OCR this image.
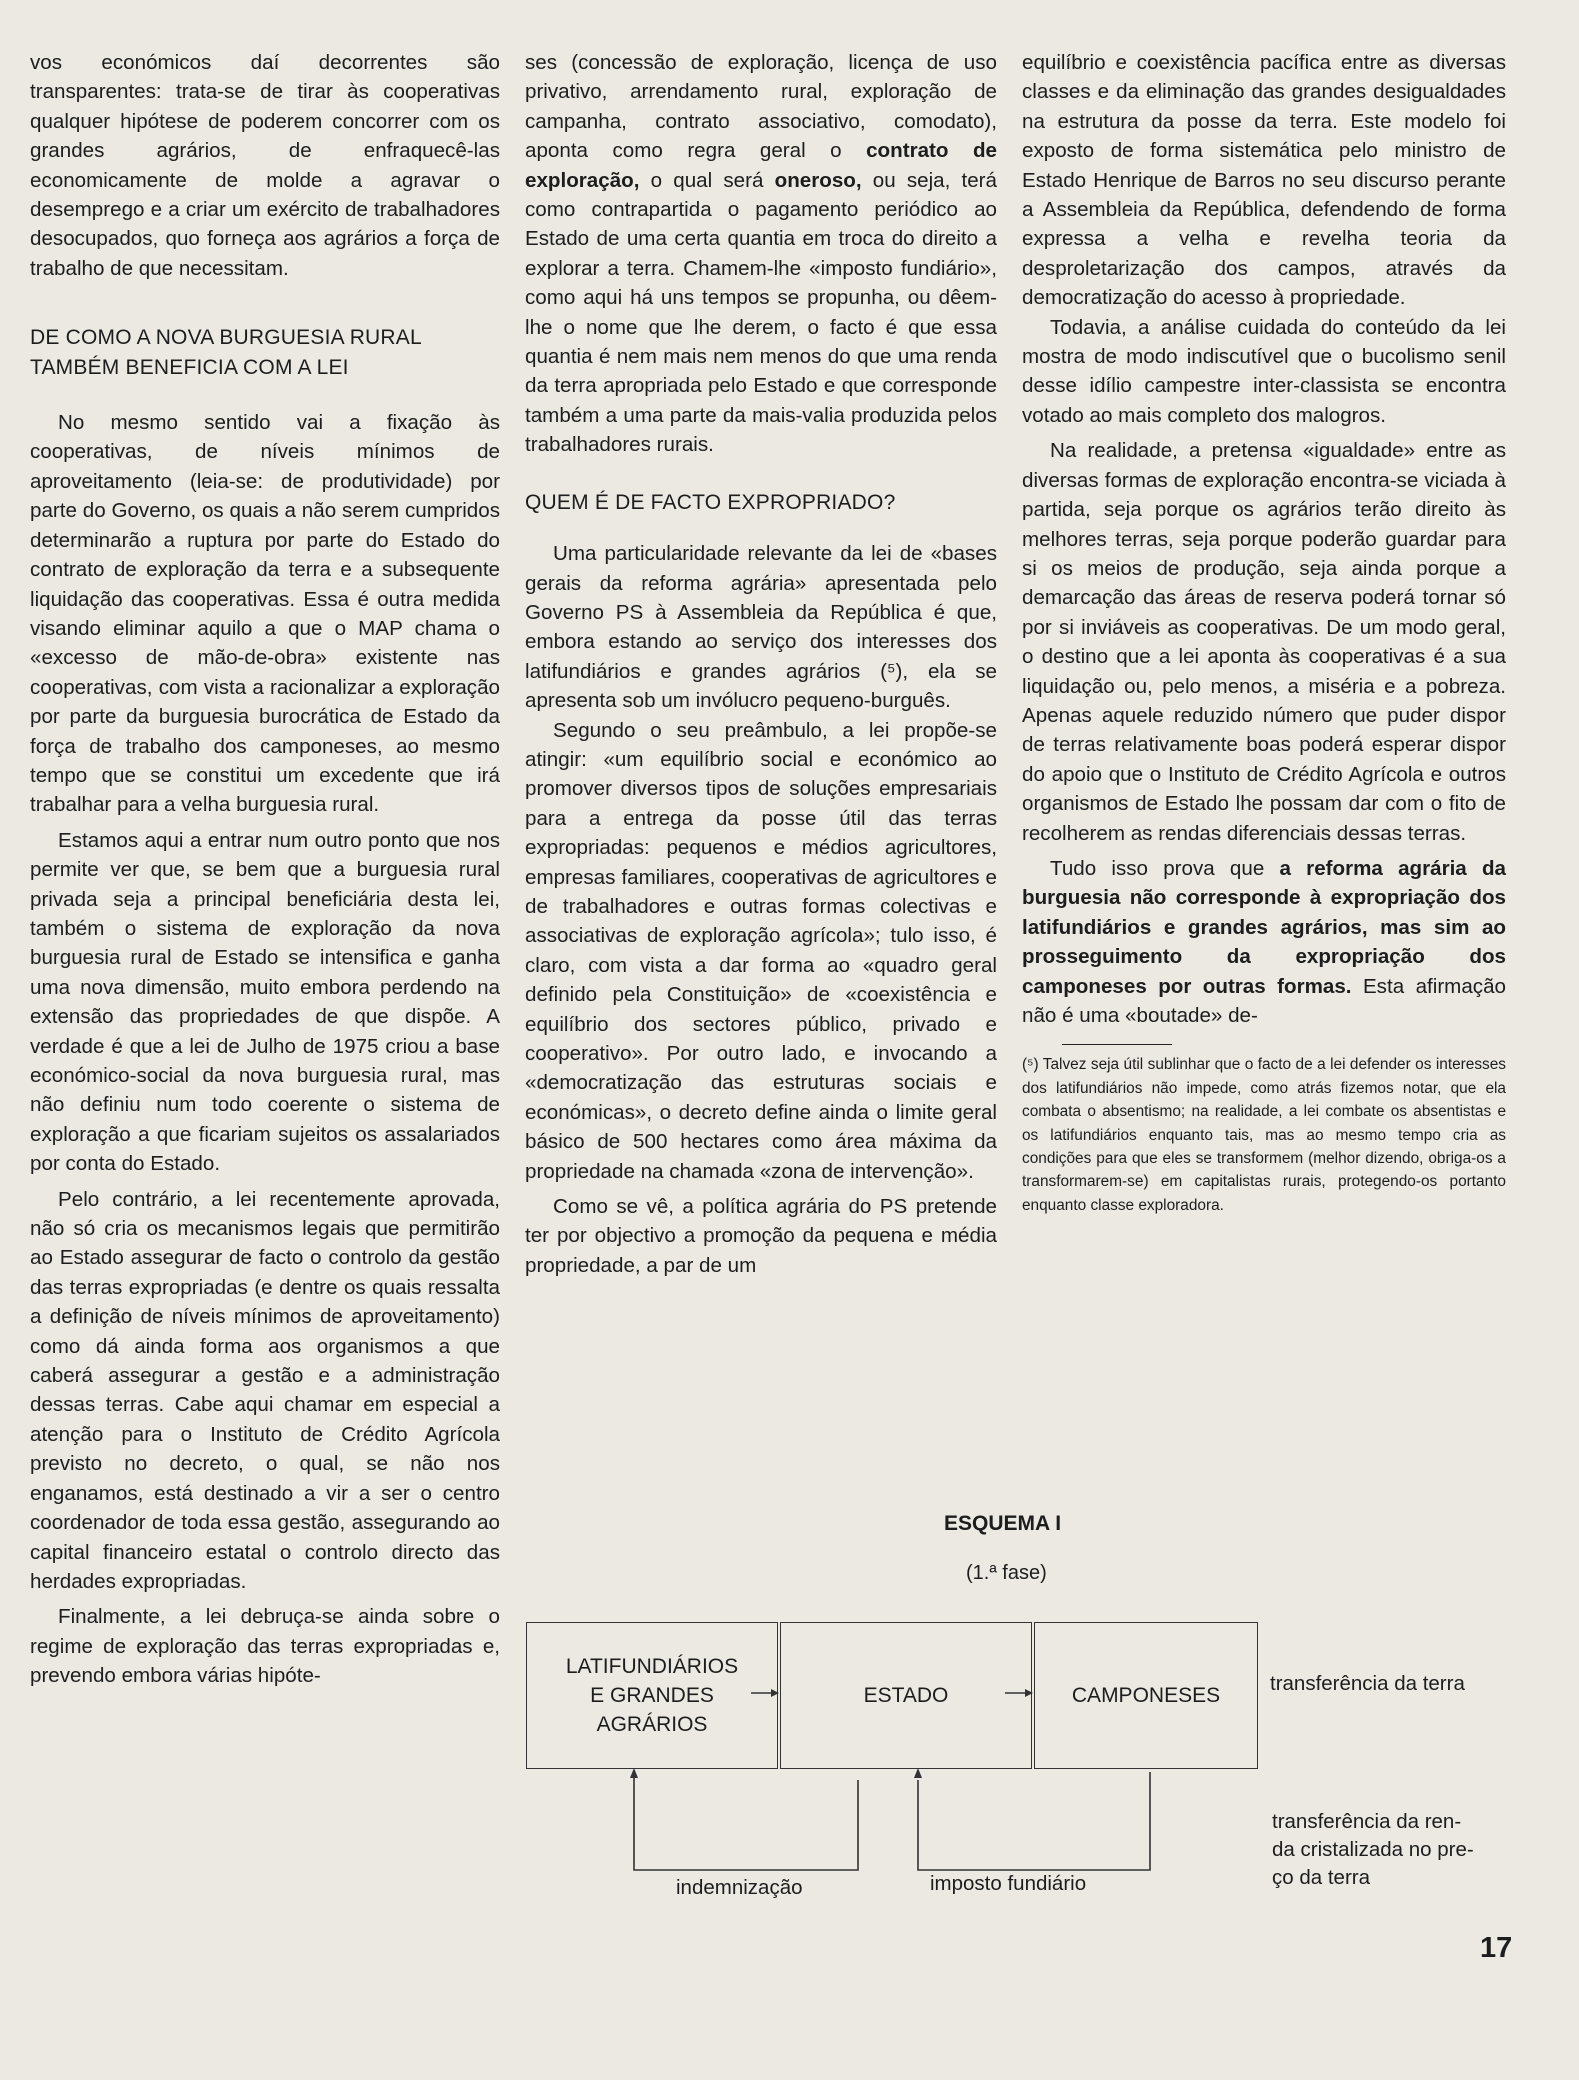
vos económicos daí decorrentes são transparentes: trata-se de tirar às cooperativas qualquer hipótese de poderem concorrer com os grandes agrários, de enfraquecê-las economicamente de molde a agravar o desemprego e a criar um exército de trabalhadores desocupados, quo forneça aos agrários a força de trabalho de que necessitam.

DE COMO A NOVA BURGUESIA RURAL TAMBÉM BENEFICIA COM A LEI

No mesmo sentido vai a fixação às cooperativas, de níveis mínimos de aproveitamento (leia-se: de produtividade) por parte do Governo, os quais a não serem cumpridos determinarão a ruptura por parte do Estado do contrato de exploração da terra e a subsequente liquidação das cooperativas. Essa é outra medida visando eliminar aquilo a que o MAP chama o «excesso de mão-de-obra» existente nas cooperativas, com vista a racionalizar a exploração por parte da burguesia burocrática de Estado da força de trabalho dos camponeses, ao mesmo tempo que se constitui um excedente que irá trabalhar para a velha burguesia rural.

Estamos aqui a entrar num outro ponto que nos permite ver que, se bem que a burguesia rural privada seja a principal beneficiária desta lei, também o sistema de exploração da nova burguesia rural de Estado se intensifica e ganha uma nova dimensão, muito embora perdendo na extensão das propriedades de que dispõe. A verdade é que a lei de Julho de 1975 criou a base económico-social da nova burguesia rural, mas não definiu num todo coerente o sistema de exploração a que ficariam sujeitos os assalariados por conta do Estado.

Pelo contrário, a lei recentemente aprovada, não só cria os mecanismos legais que permitirão ao Estado assegurar de facto o controlo da gestão das terras expropriadas (e dentre os quais ressalta a definição de níveis mínimos de aproveitamento) como dá ainda forma aos organismos a que caberá assegurar a gestão e a administração dessas terras. Cabe aqui chamar em especial a atenção para o Instituto de Crédito Agrícola previsto no decreto, o qual, se não nos enganamos, está destinado a vir a ser o centro coordenador de toda essa gestão, assegurando ao capital financeiro estatal o controlo directo das herdades expropriadas.

Finalmente, a lei debruça-se ainda sobre o regime de exploração das terras expropriadas e, prevendo embora várias hipóte-

ses (concessão de exploração, licença de uso privativo, arrendamento rural, exploração de campanha, contrato associativo, comodato), aponta como regra geral o contrato de exploração, o qual será oneroso, ou seja, terá como contrapartida o pagamento periódico ao Estado de uma certa quantia em troca do direito a explorar a terra. Chamem-lhe «imposto fundiário», como aqui há uns tempos se propunha, ou dêem-lhe o nome que lhe derem, o facto é que essa quantia é nem mais nem menos do que uma renda da terra apropriada pelo Estado e que corresponde também a uma parte da mais-valia produzida pelos trabalhadores rurais.

QUEM É DE FACTO EXPROPRIADO?

Uma particularidade relevante da lei de «bases gerais da reforma agrária» apresentada pelo Governo PS à Assembleia da República é que, embora estando ao serviço dos interesses dos latifundiários e grandes agrários (⁵), ela se apresenta sob um invólucro pequeno-burguês.

Segundo o seu preâmbulo, a lei propõe-se atingir: «um equilíbrio social e económico ao promover diversos tipos de soluções empresariais para a entrega da posse útil das terras expropriadas: pequenos e médios agricultores, empresas familiares, cooperativas de agricultores e de trabalhadores e outras formas colectivas e associativas de exploração agrícola»; tulo isso, é claro, com vista a dar forma ao «quadro geral definido pela Constituição» de «coexistência e equilíbrio dos sectores público, privado e cooperativo». Por outro lado, e invocando a «democratização das estruturas sociais e económicas», o decreto define ainda o limite geral básico de 500 hectares como área máxima da propriedade na chamada «zona de intervenção».

Como se vê, a política agrária do PS pretende ter por objectivo a promoção da pequena e média propriedade, a par de um

equilíbrio e coexistência pacífica entre as diversas classes e da eliminação das grandes desigualdades na estrutura da posse da terra. Este modelo foi exposto de forma sistemática pelo ministro de Estado Henrique de Barros no seu discurso perante a Assembleia da República, defendendo de forma expressa a velha e revelha teoria da desproletarização dos campos, através da democratização do acesso à propriedade.

Todavia, a análise cuidada do conteúdo da lei mostra de modo indiscutível que o bucolismo senil desse idílio campestre inter-classista se encontra votado ao mais completo dos malogros.

Na realidade, a pretensa «igualdade» entre as diversas formas de exploração encontra-se viciada à partida, seja porque os agrários terão direito às melhores terras, seja porque poderão guardar para si os meios de produção, seja ainda porque a demarcação das áreas de reserva poderá tornar só por si inviáveis as cooperativas. De um modo geral, o destino que a lei aponta às cooperativas é a sua liquidação ou, pelo menos, a miséria e a pobreza. Apenas aquele reduzido número que puder dispor de terras relativamente boas poderá esperar dispor do apoio que o Instituto de Crédito Agrícola e outros organismos de Estado lhe possam dar com o fito de recolherem as rendas diferenciais dessas terras.

Tudo isso prova que a reforma agrária da burguesia não corresponde à expropriação dos latifundiários e grandes agrários, mas sim ao prosseguimento da expropriação dos camponeses por outras formas. Esta afirmação não é uma «boutade» de-

(⁵) Talvez seja útil sublinhar que o facto de a lei defender os interesses dos latifundiários não impede, como atrás fizemos notar, que ela combata o absentismo; na realidade, a lei combate os absentistas e os latifundiários enquanto tais, mas ao mesmo tempo cria as condições para que eles se transformem (melhor dizendo, obriga-os a transformarem-se) em capitalistas rurais, protegendo-os portanto enquanto classe exploradora.

ESQUEMA I
(1.ª fase)
LATIFUNDIÁRIOS
E GRANDES
AGRÁRIOS
ESTADO	CAMPONESES
transferência da terra
transferência da ren-
da cristalizada no pre-
ço da terra
indemnização	imposto fundiário
17
